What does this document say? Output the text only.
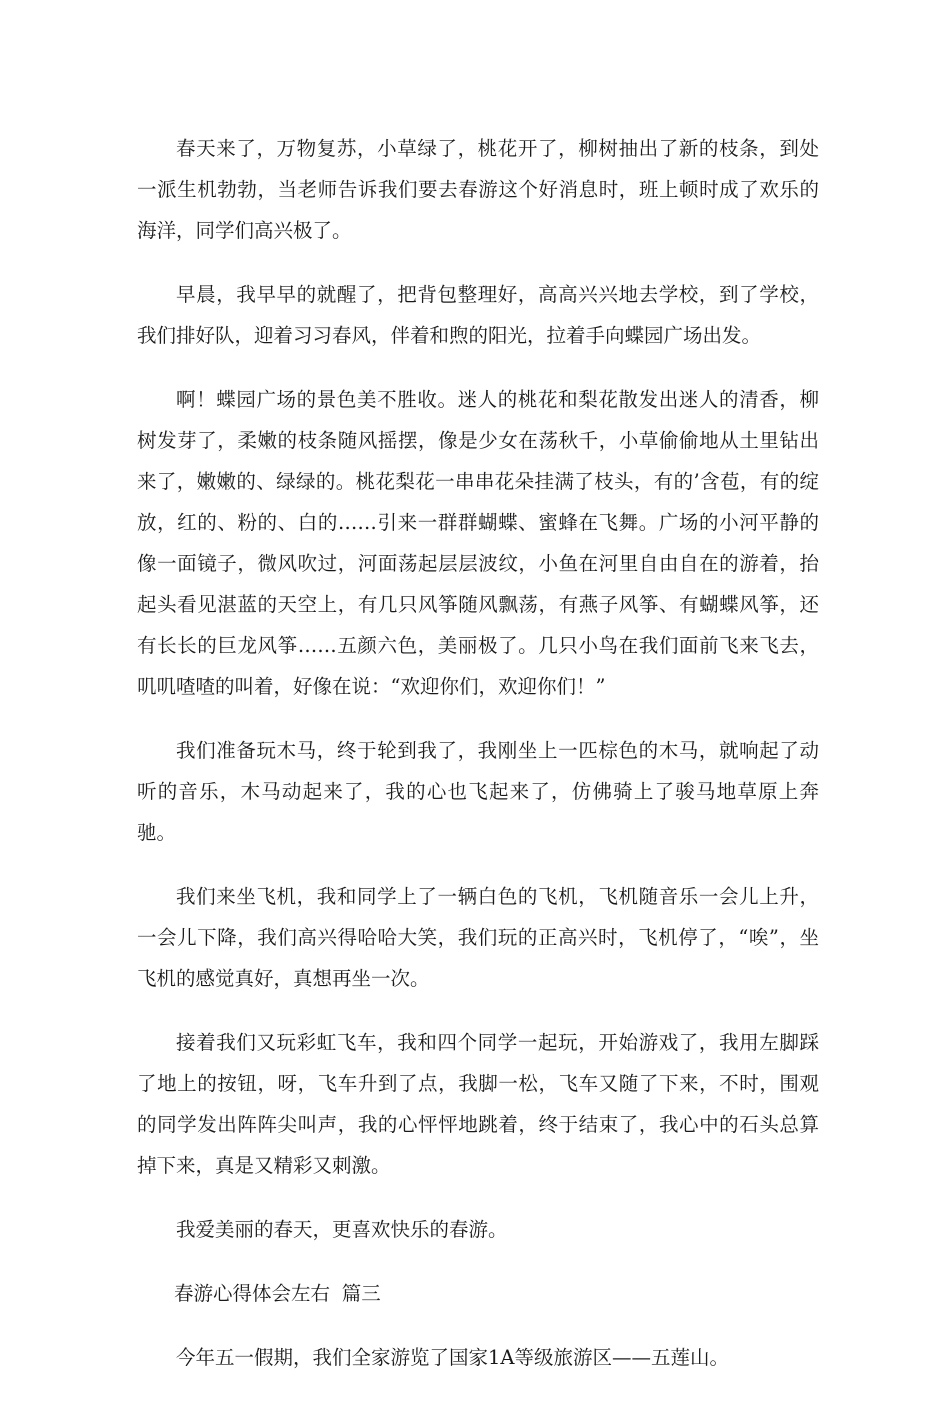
春天来了，万物复苏，小草绿了，桃花开了，柳树抽出了新的枝条，到处一派生机勃勃，当老师告诉我们要去春游这个好消息时，班上顿时成了欢乐的海洋，同学们高兴极了。

早晨，我早早的就醒了，把背包整理好，高高兴兴地去学校，到了学校，我们排好队，迎着习习春风，伴着和煦的阳光，拉着手向蝶园广场出发。

啊！蝶园广场的景色美不胜收。迷人的桃花和梨花散发出迷人的清香，柳树发芽了，柔嫩的枝条随风摇摆，像是少女在荡秋千，小草偷偷地从土里钻出来了，嫩嫩的、绿绿的。桃花梨花一串串花朵挂满了枝头，有的’含苞，有的绽放，红的、粉的、白的……引来一群群蝴蝶、蜜蜂在飞舞。广场的小河平静的像一面镜子，微风吹过，河面荡起层层波纹，小鱼在河里自由自在的游着，抬起头看见湛蓝的天空上，有几只风筝随风飘荡，有燕子风筝、有蝴蝶风筝，还有长长的巨龙风筝……五颜六色，美丽极了。几只小鸟在我们面前飞来飞去，叽叽喳喳的叫着，好像在说：“欢迎你们，欢迎你们！”

我们准备玩木马，终于轮到我了，我刚坐上一匹棕色的木马，就响起了动听的音乐，木马动起来了，我的心也飞起来了，仿佛骑上了骏马地草原上奔驰。

我们来坐飞机，我和同学上了一辆白色的飞机，飞机随音乐一会儿上升，一会儿下降，我们高兴得哈哈大笑，我们玩的正高兴时，飞机停了，“唉”，坐飞机的感觉真好，真想再坐一次。

接着我们又玩彩虹飞车，我和四个同学一起玩，开始游戏了，我用左脚踩了地上的按钮，呀，飞车升到了点，我脚一松，飞车又随了下来，不时，围观的同学发出阵阵尖叫声，我的心怦怦地跳着，终于结束了，我心中的石头总算掉下来，真是又精彩又刺激。

我爱美丽的春天，更喜欢快乐的春游。

春游心得体会左右 篇三

今年五一假期，我们全家游览了国家1A等级旅游区——五莲山。
